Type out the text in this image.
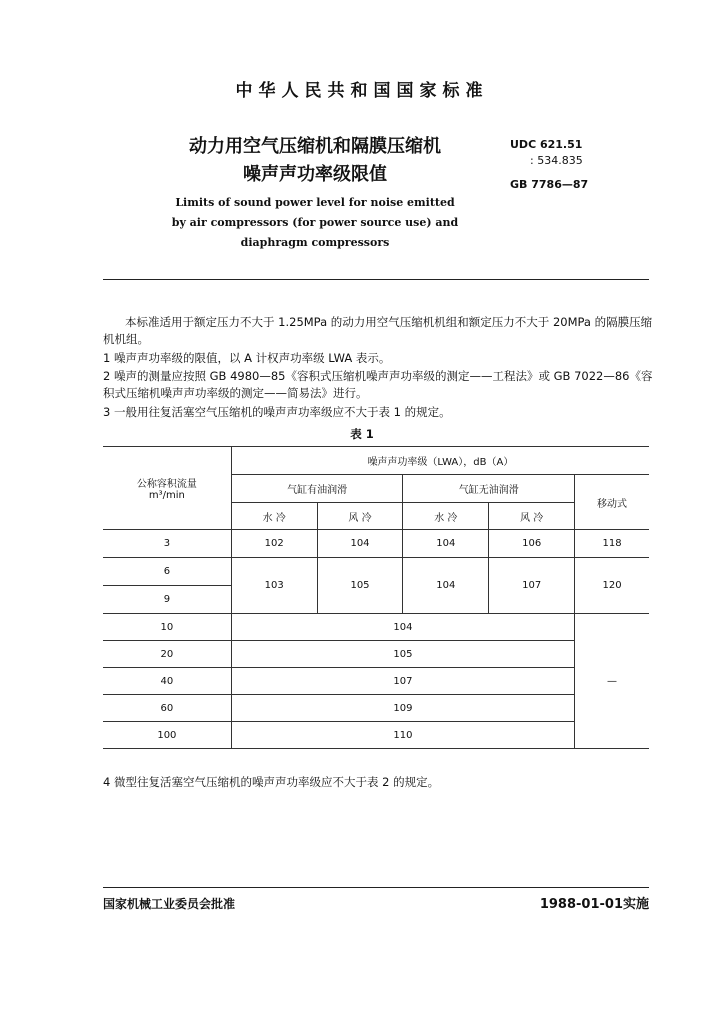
中华人民共和国国家标准
动力用空气压缩机和隔膜压缩机
噪声声功率级限值
UDC 621.51
: 534.835
GB 7786—87
Limits of sound power level for noise emitted
by air compressors (for power source use) and
diaphragm compressors
本标准适用于额定压力不大于 1.25MPa 的动力用空气压缩机机组和额定压力不大于 20MPa 的隔膜压缩机机组。
1 噪声声功率级的限值，以 A 计权声功率级 LWA 表示。
2 噪声的测量应按照 GB 4980—85《容积式压缩机噪声声功率级的测定——工程法》或 GB 7022—86《容积式压缩机噪声声功率级的测定——简易法》进行。
3 一般用往复活塞空气压缩机的噪声声功率级应不大于表 1 的规定。
表 1
公称容积流量
m³/min	噪声声功率级（LWA），dB（A）				
	气缸有油润滑		气缸无油润滑		移动式
	水 冷	风 冷	水 冷	风 冷	
3	102	104	104	106	118
6	103	105	104	107	120
9					
10	104				—
20	105				
40	107				
60	109				
100	110				
4 微型往复活塞空气压缩机的噪声声功率级应不大于表 2 的规定。
国家机械工业委员会批准	1988-01-01实施
